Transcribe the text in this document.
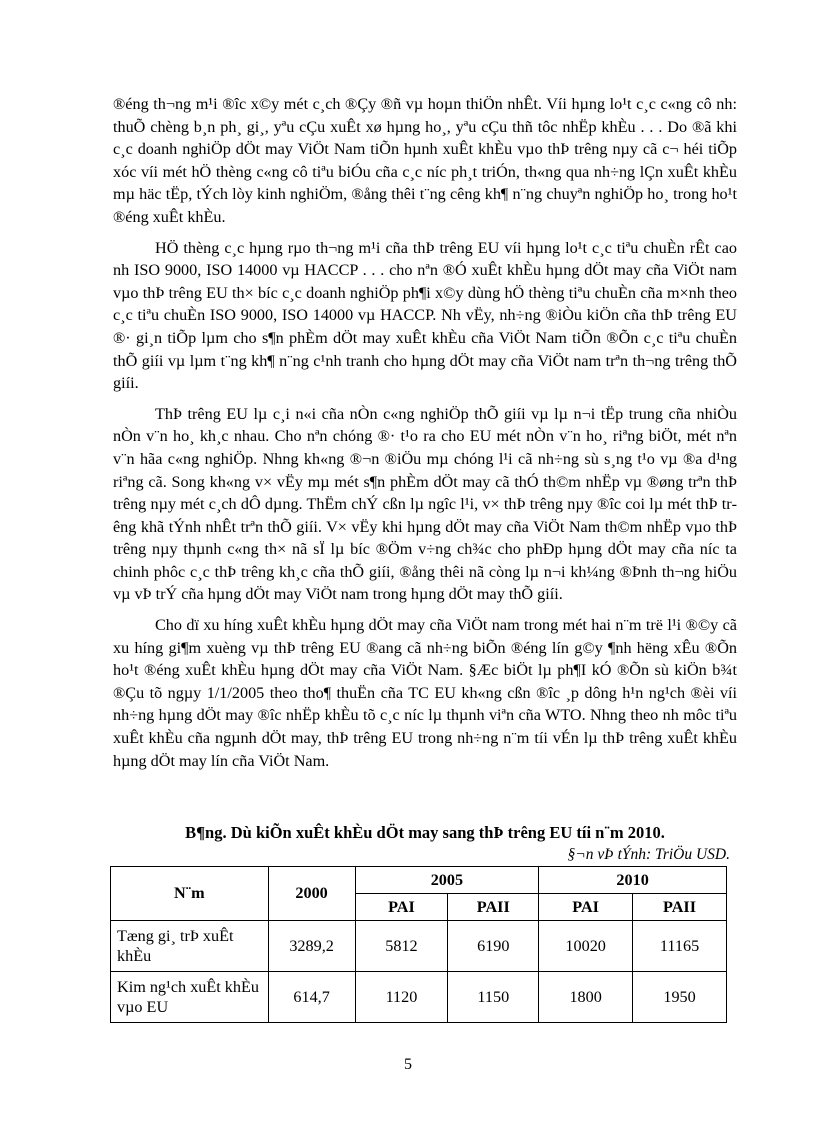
®éng th¬ng m¹i ®îc x©y mét c¸ch ®Çy ®ñ vµ hoµn thiÖn nhÊt. Víi hµng lo¹t c¸c c«ng cô nh: thuÕ chèng b¸n ph¸ gi¸, yªu cÇu xuÊt xø hµng ho¸, yªu cÇu thñ tôc nhËp khÈu . . . Do ®ã khi c¸c doanh nghiÖp dÖt may ViÖt Nam tiÕn hµnh xuÊt khÈu vµo thÞ trêng nµy cã c¬ héi tiÕp xóc víi mét hÖ thèng c«ng cô tiªu biÓu cña c¸c níc ph¸t triÓn, th«ng qua nh÷ng lÇn xuÊt khÈu mµ häc tËp, tÝch lòy kinh nghiÖm, ®ång thêi t¨ng cêng kh¶ n¨ng chuyªn nghiÖp ho¸ trong ho¹t ®éng xuÊt khÈu.

HÖ thèng c¸c hµng rµo th¬ng m¹i cña thÞ trêng EU víi hµng lo¹t c¸c tiªu chuÈn rÊt cao nh ISO 9000, ISO 14000 vµ HACCP . . . cho nªn ®Ó xuÊt khÈu hµng dÖt may cña ViÖt nam vµo thÞ trêng EU th× bíc c¸c doanh nghiÖp ph¶i x©y dùng hÖ thèng tiªu chuÈn cña m×nh theo c¸c tiªu chuÈn ISO 9000, ISO 14000 vµ HACCP. Nh vËy, nh÷ng ®iÒu kiÖn cña thÞ trêng EU ®· gi¸n tiÕp lµm cho s¶n phÈm dÖt may xuÊt khÈu cña ViÖt Nam tiÕn ®Õn c¸c tiªu chuÈn thÕ giíi vµ lµm t¨ng kh¶ n¨ng c¹nh tranh cho hµng dÖt may cña ViÖt nam trªn th¬ng trêng thÕ giíi.

ThÞ trêng EU lµ c¸i n«i cña nÒn c«ng nghiÖp thÕ giíi vµ lµ n¬i tËp trung cña nhiÒu nÒn v¨n ho¸ kh¸c nhau. Cho nªn chóng ®· t¹o ra cho EU mét nÒn v¨n ho¸ riªng biÖt, mét nªn v¨n hãa c«ng nghiÖp. Nhng kh«ng ®¬n ®iÖu mµ chóng l¹i cã nh÷ng sù s¸ng t¹o vµ ®a d¹ng riªng cã. Song kh«ng v× vËy mµ mét s¶n phÈm dÖt may cã thÓ th©m nhËp vµ ®øng trªn thÞ trêng nµy mét c¸ch dÔ dµng. ThËm chÝ cßn lµ ngîc l¹i, v× thÞ trêng nµy ®îc coi lµ mét thÞ trêng khã tÝnh nhÊt trªn thÕ giíi. V× vËy khi hµng dÖt may cña ViÖt Nam th©m nhËp vµo thÞ trêng nµy thµnh c«ng th× nã sÏ lµ bíc ®Öm v÷ng ch¾c cho phÐp hµng dÖt may cña níc ta chinh phôc c¸c thÞ trêng kh¸c cña thÕ giíi, ®ång thêi nã còng lµ n¬i kh¼ng ®Þnh th¬ng hiÖu vµ vÞ trÝ cña hµng dÖt may ViÖt nam trong hµng dÖt may thÕ giíi.

Cho dï xu híng xuÊt khÈu hµng dÖt may cña ViÖt nam trong mét hai n¨m trë l¹i ®©y cã xu híng gi¶m xuèng vµ thÞ trêng EU ®ang cã nh÷ng biÕn ®éng lín g©y ¶nh hëng xÊu ®Õn ho¹t ®éng xuÊt khÈu hµng dÖt may cña ViÖt Nam. §Æc biÖt lµ ph¶I kÓ ®Õn sù kiÖn b¾t ®Çu tõ ngµy 1/1/2005 theo tho¶ thuËn cña TC EU kh«ng cßn ®îc ¸p dông h¹n ng¹ch ®èi víi nh÷ng hµng dÖt may ®îc nhËp khÈu tõ c¸c níc lµ thµnh viªn cña WTO. Nhng theo nh môc tiªu xuÊt khÈu cña ngµnh dÖt may, thÞ trêng EU trong nh÷ng n¨m tíi vÉn lµ thÞ trêng xuÊt khÈu hµng dÖt may lín cña ViÖt Nam.

B¶ng. Dù kiÕn xuÊt khÈu dÖt may sang thÞ trêng EU tíi n¨m 2010.
§¬n vÞ tÝnh: TriÖu USD.
N¨m	2000	2005		2010	
		PAI	PAII	PAI	PAII
Tæng gi¸ trÞ xuÊt khÈu	3289,2	5812	6190	10020	11165
Kim ng¹ch xuÊt khÈu vµo EU	614,7	1120	1150	1800	1950
5
